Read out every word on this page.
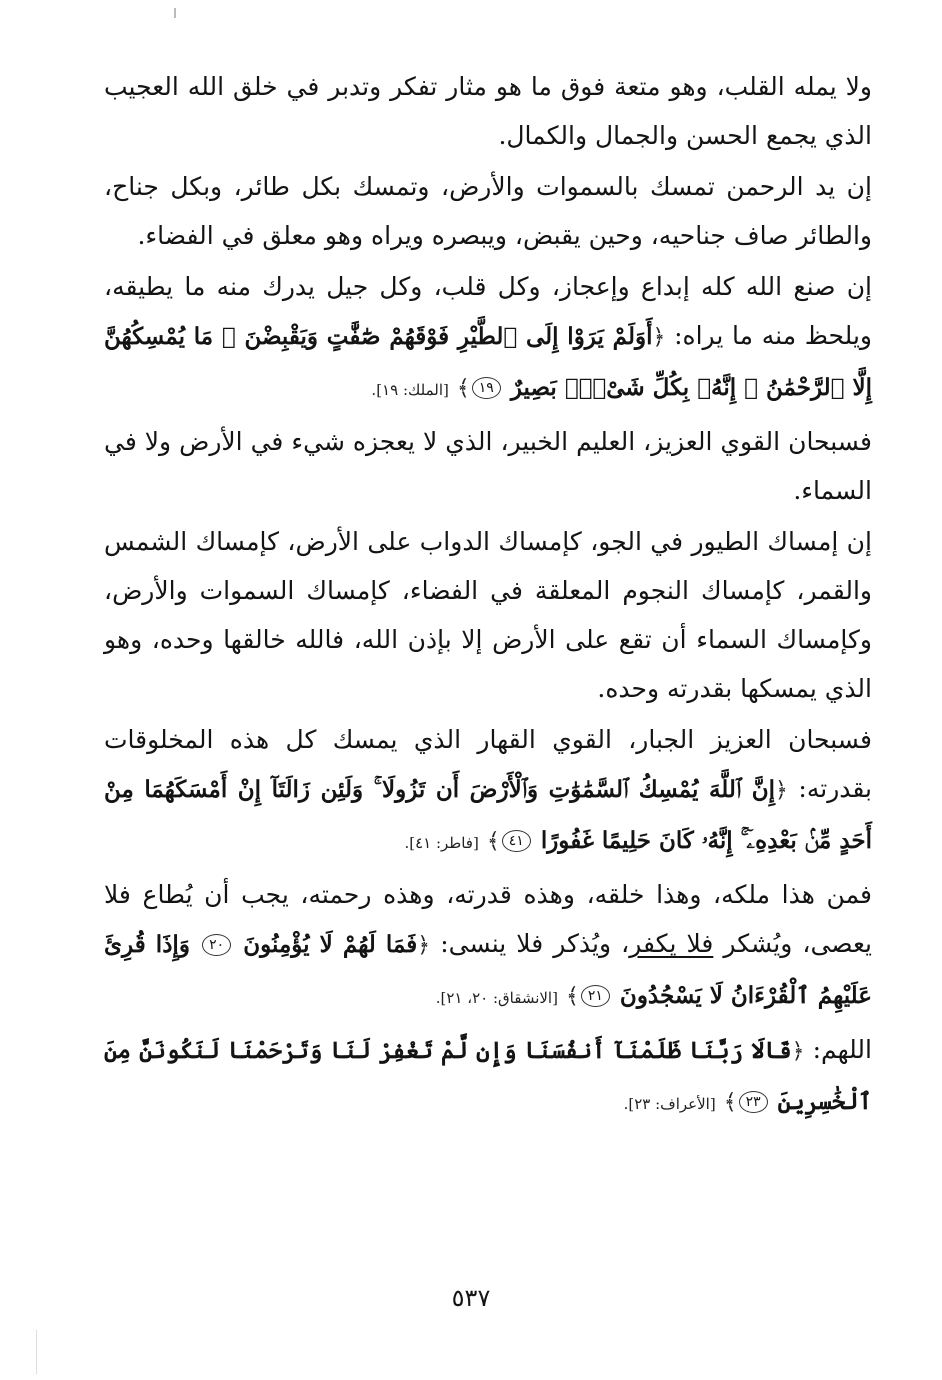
ولا يمله القلب، وهو متعة فوق ما هو مثار تفكر وتدبر في خلق الله العجيب الذي يجمع الحسن والجمال والكمال.

إن يد الرحمن تمسك بالسموات والأرض، وتمسك بكل طائر، وبكل جناح، والطائر صاف جناحيه، وحين يقبض، ويبصره ويراه وهو معلق في الفضاء.

إن صنع الله كله إبداع وإعجاز، وكل قلب، وكل جيل يدرك منه ما يطيقه، ويلحظ منه ما يراه: ﴿أَوَلَمْ يَرَوْا إِلَى ٱلطَّيْرِ فَوْقَهُمْ صَٰٓفَّٰتٍ وَيَقْبِضْنَ ۚ مَا يُمْسِكُهُنَّ إِلَّا ٱلرَّحْمَٰنُ ۚ إِنَّهُۥ بِكُلِّ شَىْءٍۭ بَصِيرٌ ١٩﴾ [الملك: ١٩].

فسبحان القوي العزيز، العليم الخبير، الذي لا يعجزه شيء في الأرض ولا في السماء.

إن إمساك الطيور في الجو، كإمساك الدواب على الأرض، كإمساك الشمس والقمر، كإمساك النجوم المعلقة في الفضاء، كإمساك السموات والأرض، وكإمساك السماء أن تقع على الأرض إلا بإذن الله، فالله خالقها وحده، وهو الذي يمسكها بقدرته وحده.

فسبحان العزيز الجبار، القوي القهار الذي يمسك كل هذه المخلوقات بقدرته: ﴿إِنَّ ٱللَّهَ يُمْسِكُ ٱلسَّمَٰوَٰتِ وَٱلْأَرْضَ أَن تَزُولَا ۚ وَلَئِن زَالَتَآ إِنْ أَمْسَكَهُمَا مِنْ أَحَدٍ مِّنۢ بَعْدِهِۦٓ ۚ إِنَّهُۥ كَانَ حَلِيمًا غَفُورًا ٤١﴾ [فاطر: ٤١].

فمن هذا ملكه، وهذا خلقه، وهذه قدرته، وهذه رحمته، يجب أن يُطاع فلا يعصى، ويُشكر فلا يكفر، ويُذكر فلا ينسى: ﴿فَمَا لَهُمْ لَا يُؤْمِنُونَ ٢٠ وَإِذَا قُرِئَ عَلَيْهِمُ ٱلْقُرْءَانُ لَا يَسْجُدُونَ ٢١﴾ [الانشقاق: ٢٠، ٢١].

اللهم: ﴿قَالَا رَبَّنَا ظَلَمْنَآ أَنفُسَنَا وَإِن لَّمْ تَغْفِرْ لَنَا وَتَرْحَمْنَا لَنَكُونَنَّ مِنَ ٱلْخَٰسِرِينَ ٢٣﴾ [الأعراف: ٢٣].

٥٣٧
